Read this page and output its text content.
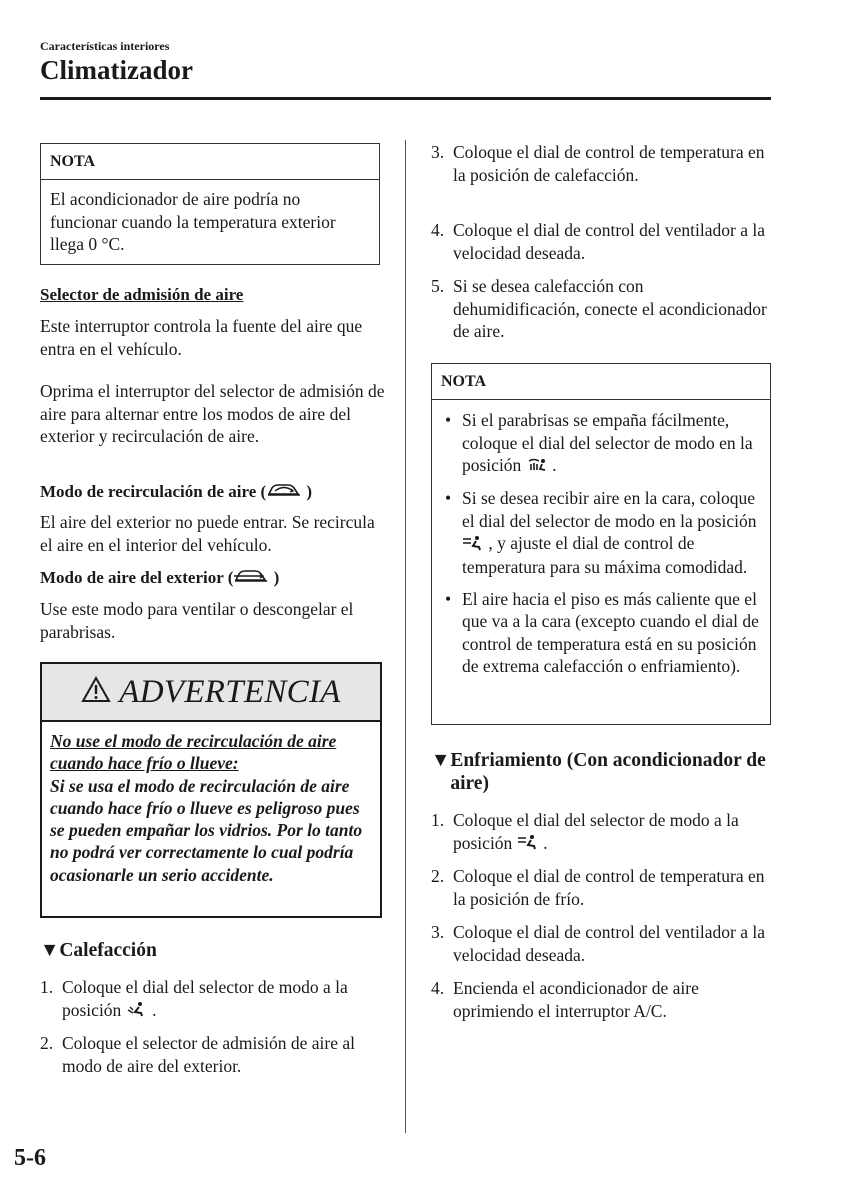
Características interiores
Climatizador
NOTA
El acondicionador de aire podría no funcionar cuando la temperatura exterior llega 0 °C.
Selector de admisión de aire
Este interruptor controla la fuente del aire que entra en el vehículo.
Oprima el interruptor del selector de admisión de aire para alternar entre los modos de aire del exterior y recirculación de aire.
Modo de recirculación de aire ( )
El aire del exterior no puede entrar. Se recircula el aire en el interior del vehículo.
Modo de aire del exterior ( )
Use este modo para ventilar o descongelar el parabrisas.
ADVERTENCIA
No use el modo de recirculación de aire cuando hace frío o llueve:
Si se usa el modo de recirculación de aire cuando hace frío o llueve es peligroso pues se pueden empañar los vidrios. Por lo tanto no podrá ver correctamente lo cual podría ocasionarle un serio accidente.
▼Calefacción
1. Coloque el dial del selector de modo a la posición .
2. Coloque el selector de admisión de aire al modo de aire del exterior.
3. Coloque el dial de control de temperatura en la posición de calefacción.
4. Coloque el dial de control del ventilador a la velocidad deseada.
5. Si se desea calefacción con dehumidificación, conecte el acondicionador de aire.
NOTA
• Si el parabrisas se empaña fácilmente, coloque el dial del selector de modo en la posición .
• Si se desea recibir aire en la cara, coloque el dial del selector de modo en la posición  , y ajuste el dial de control de temperatura para su máxima comodidad.
• El aire hacia el piso es más caliente que el que va a la cara (excepto cuando el dial de control de temperatura está en su posición de extrema calefacción o enfriamiento).
▼ Enfriamiento (Con acondicionador de aire)
1. Coloque el dial del selector de modo a la posición .
2. Coloque el dial de control de temperatura en la posición de frío.
3. Coloque el dial de control del ventilador a la velocidad deseada.
4. Encienda el acondicionador de aire oprimiendo el interruptor A/C.
5-6
